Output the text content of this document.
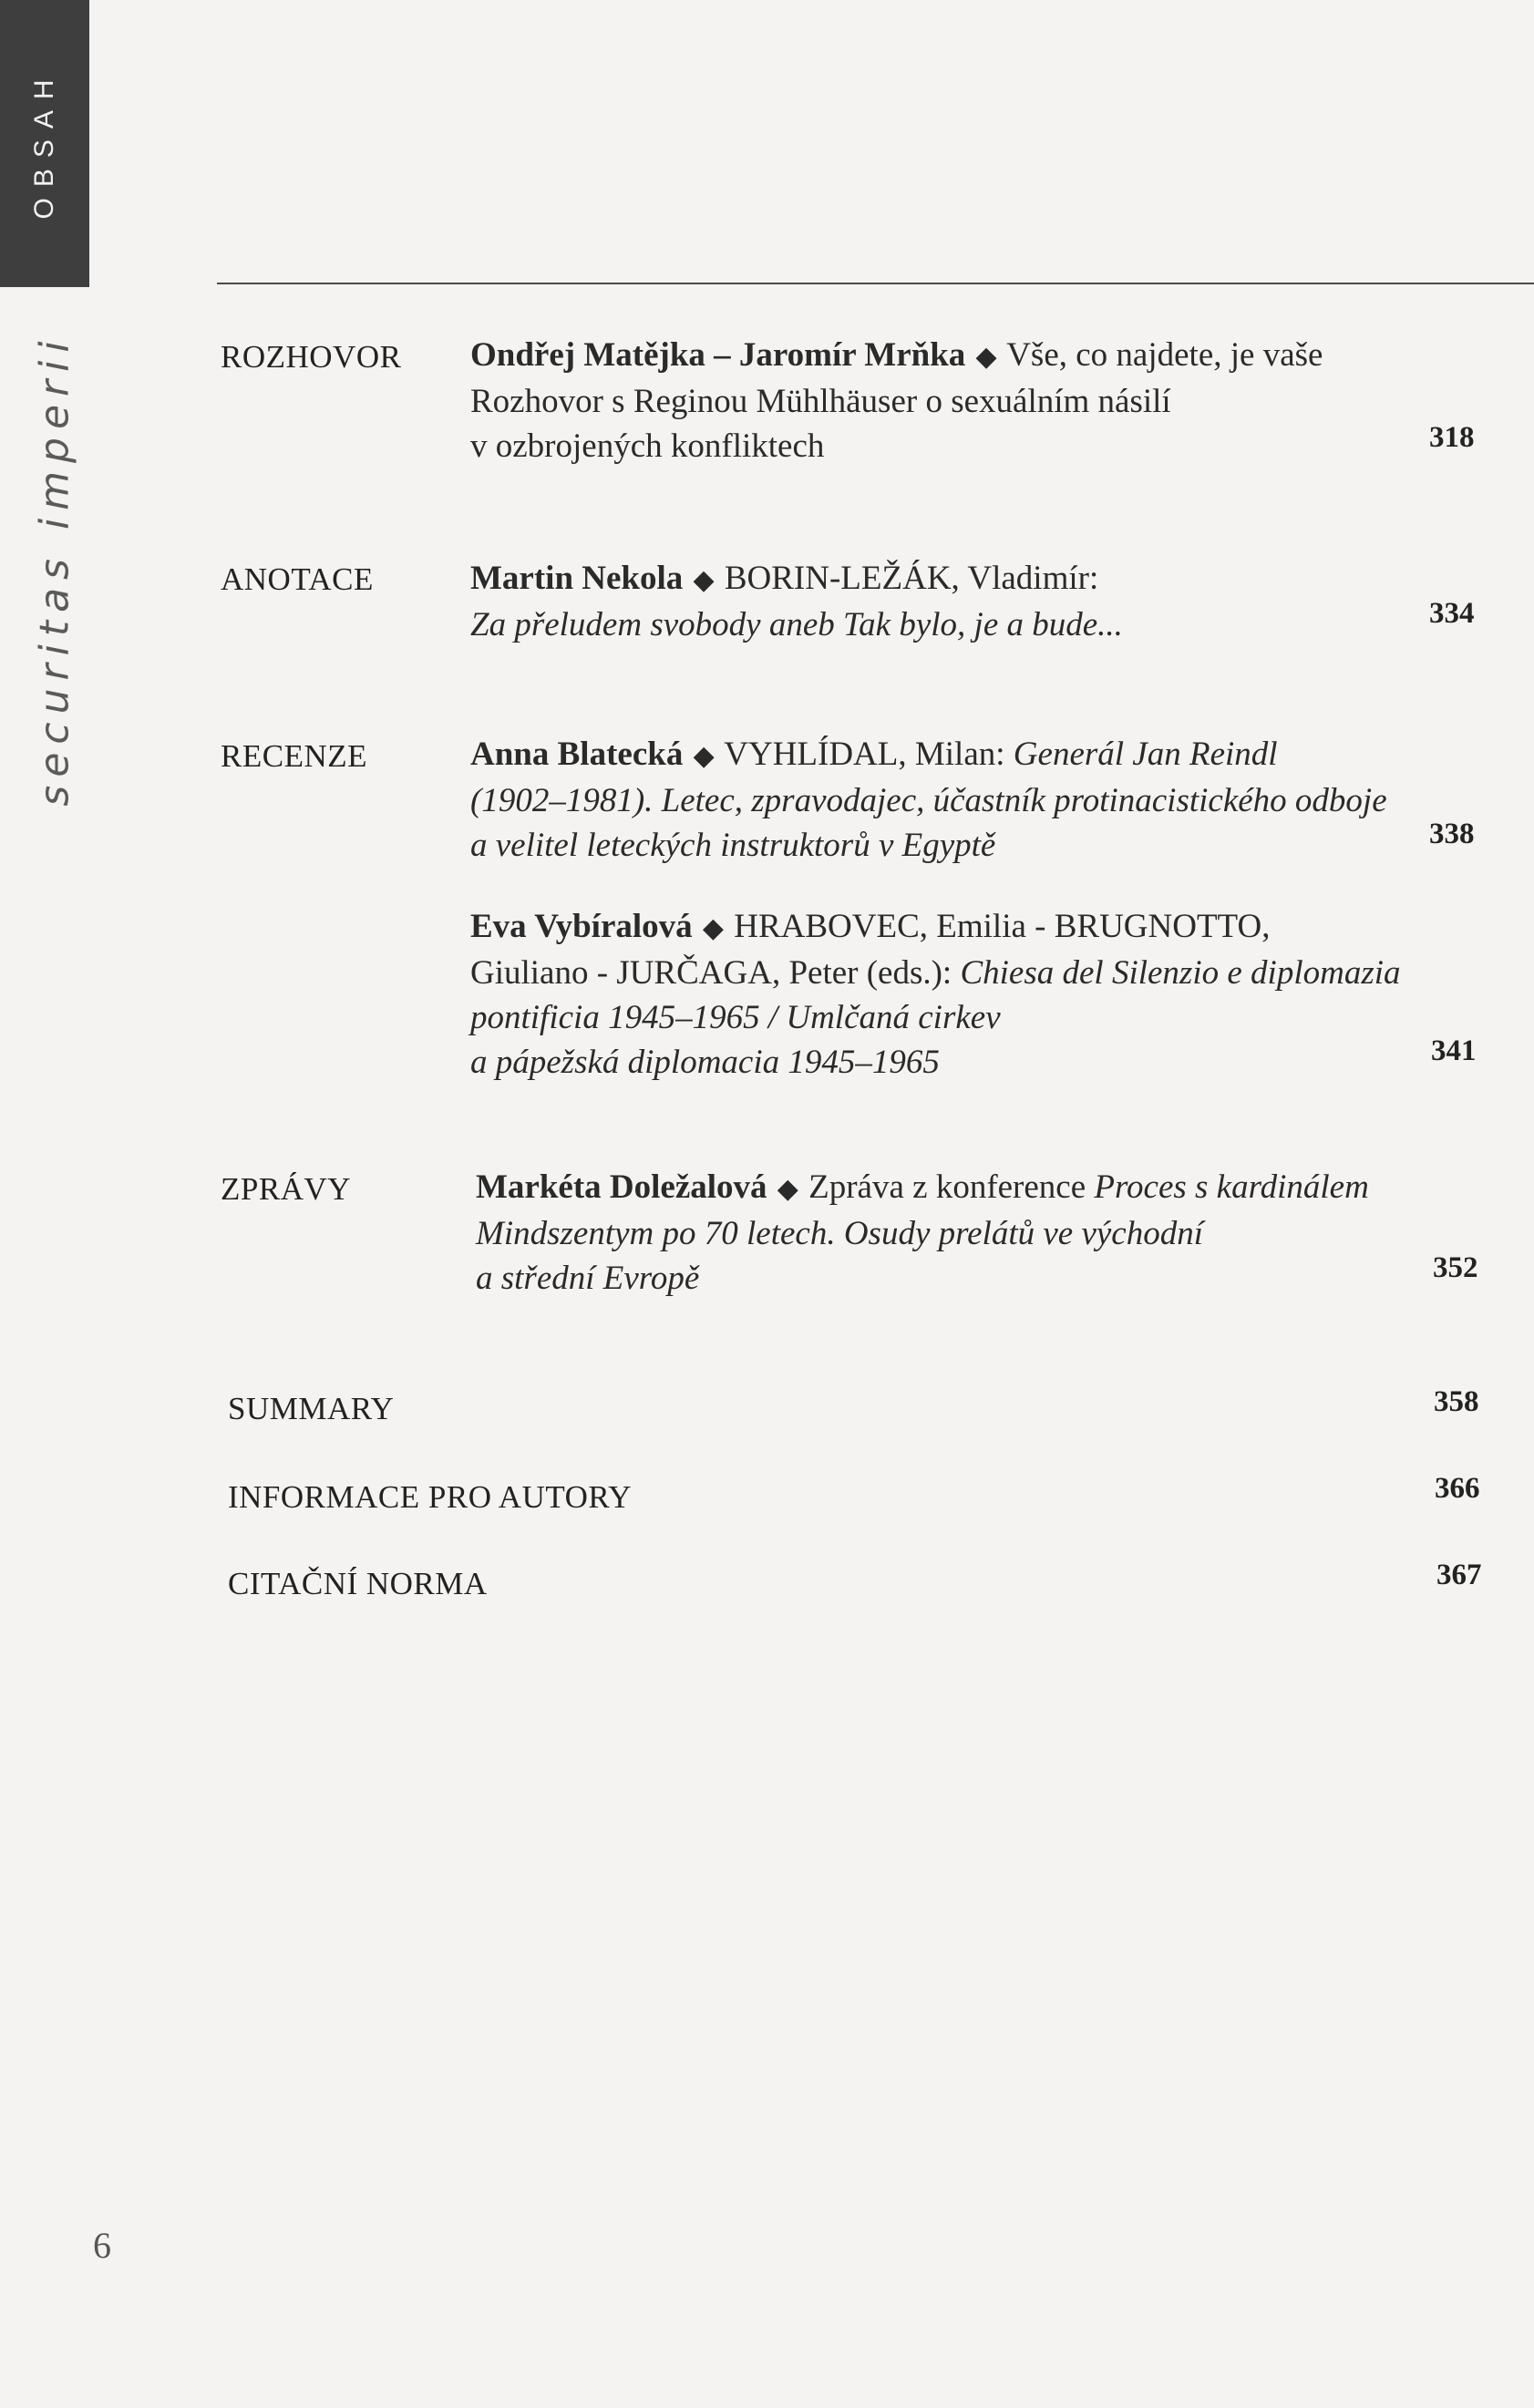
OBSAH
securitas imperii	ROZHOVOR Ondřej Matějka – Jaromír Mrňka ◆ Vše, co najdete, je vaše
Rozhovor s Reginou Mühlhäuser o sexuálním násilí
v ozbrojených konfliktech	318
ANOTACE	Martin Nekola ◆ BORIN-LEŽÁK, Vladimír:
Za přeludem svobody aneb Tak bylo, je a bude...	334
RECENZE	Anna Blatecká ◆ VYHLÍDAL, Milan: Generál Jan Reindl
(1902–1981). Letec, zpravodajec, účastník protinacistického odboje
a velitel leteckých instruktorů v Egyptě	338
Eva Vybíralová ◆ HRABOVEC, Emilia - BRUGNOTTO,
Giuliano - JURČAGA, Peter (eds.): Chiesa del Silenzio e diplomazia
pontificia 1945–1965 / Umlčaná cirkev
a pápežská diplomacia 1945–1965	341
ZPRÁVY	Markéta Doležalová ◆ Zpráva z konference Proces s kardinálem
Mindszentym po 70 letech. Osudy prelátů ve východní
a střední Evropě	352
SUMMARY	358
INFORMACE PRO AUTORY	366
CITAČNÍ NORMA	367
6
